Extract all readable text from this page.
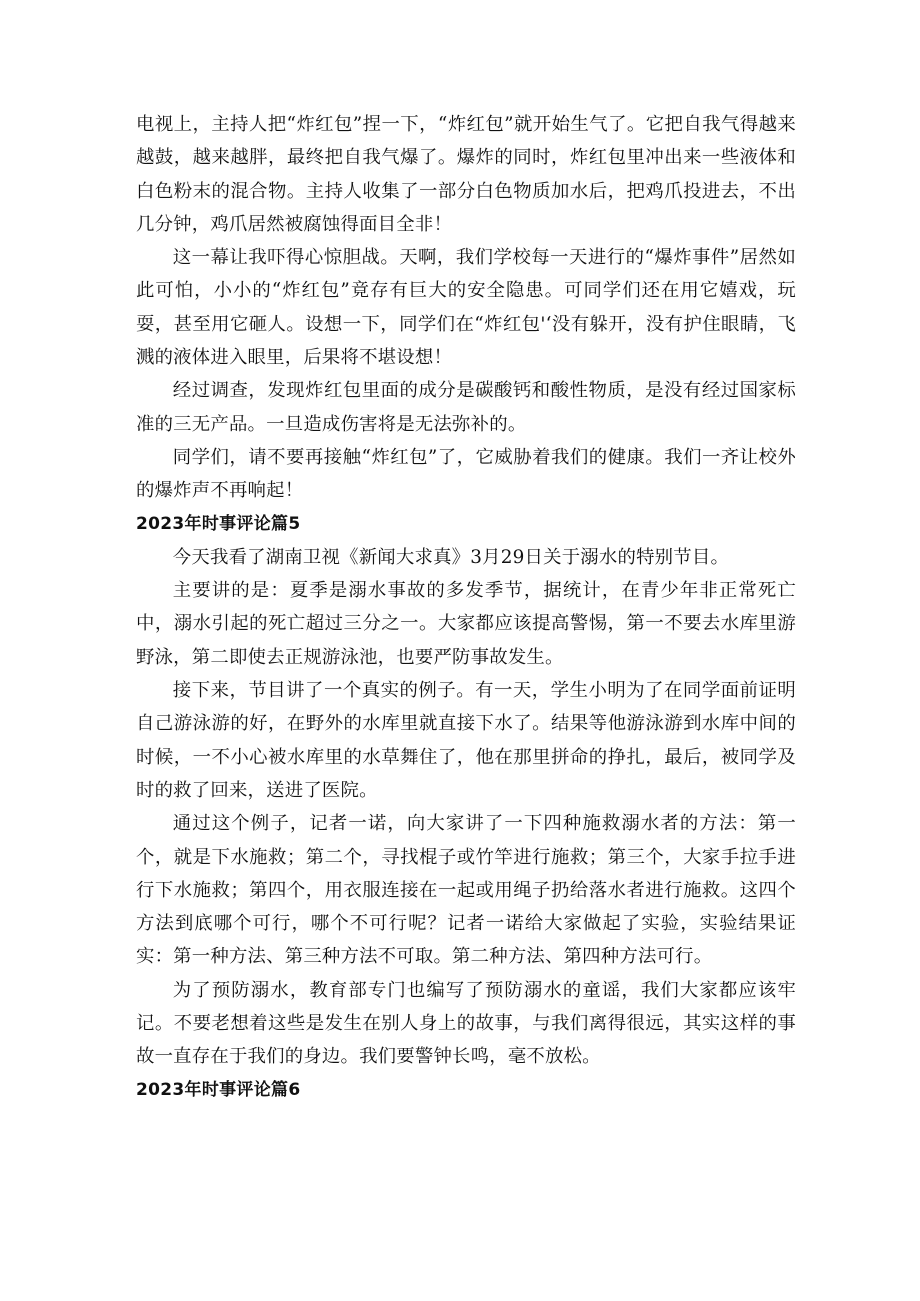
电视上，主持人把“炸红包”捏一下，“炸红包”就开始生气了。它把自我气得越来越鼓，越来越胖，最终把自我气爆了。爆炸的同时，炸红包里冲出来一些液体和白色粉末的混合物。主持人收集了一部分白色物质加水后，把鸡爪投进去，不出几分钟，鸡爪居然被腐蚀得面目全非！

这一幕让我吓得心惊胆战。天啊，我们学校每一天进行的“爆炸事件”居然如此可怕，小小的“炸红包”竟存有巨大的安全隐患。可同学们还在用它嬉戏，玩耍，甚至用它砸人。设想一下，同学们在“炸红包'‘没有躲开，没有护住眼睛，飞溅的液体进入眼里，后果将不堪设想！

经过调查，发现炸红包里面的成分是碳酸钙和酸性物质，是没有经过国家标准的三无产品。一旦造成伤害将是无法弥补的。

同学们，请不要再接触“炸红包”了，它威胁着我们的健康。我们一齐让校外的爆炸声不再响起！

2023年时事评论篇5

今天我看了湖南卫视《新闻大求真》3月29日关于溺水的特别节目。

主要讲的是：夏季是溺水事故的多发季节，据统计，在青少年非正常死亡中，溺水引起的死亡超过三分之一。大家都应该提高警惕，第一不要去水库里游野泳，第二即使去正规游泳池，也要严防事故发生。

接下来，节目讲了一个真实的例子。有一天，学生小明为了在同学面前证明自己游泳游的好，在野外的水库里就直接下水了。结果等他游泳游到水库中间的时候，一不小心被水库里的水草舞住了，他在那里拼命的挣扎，最后，被同学及时的救了回来，送进了医院。

通过这个例子，记者一诺，向大家讲了一下四种施救溺水者的方法：第一个，就是下水施救；第二个，寻找棍子或竹竿进行施救；第三个，大家手拉手进行下水施救；第四个，用衣服连接在一起或用绳子扔给落水者进行施救。这四个方法到底哪个可行，哪个不可行呢？记者一诺给大家做起了实验，实验结果证实：第一种方法、第三种方法不可取。第二种方法、第四种方法可行。

为了预防溺水，教育部专门也编写了预防溺水的童谣，我们大家都应该牢记。不要老想着这些是发生在别人身上的故事，与我们离得很远，其实这样的事故一直存在于我们的身边。我们要警钟长鸣，毫不放松。

2023年时事评论篇6
